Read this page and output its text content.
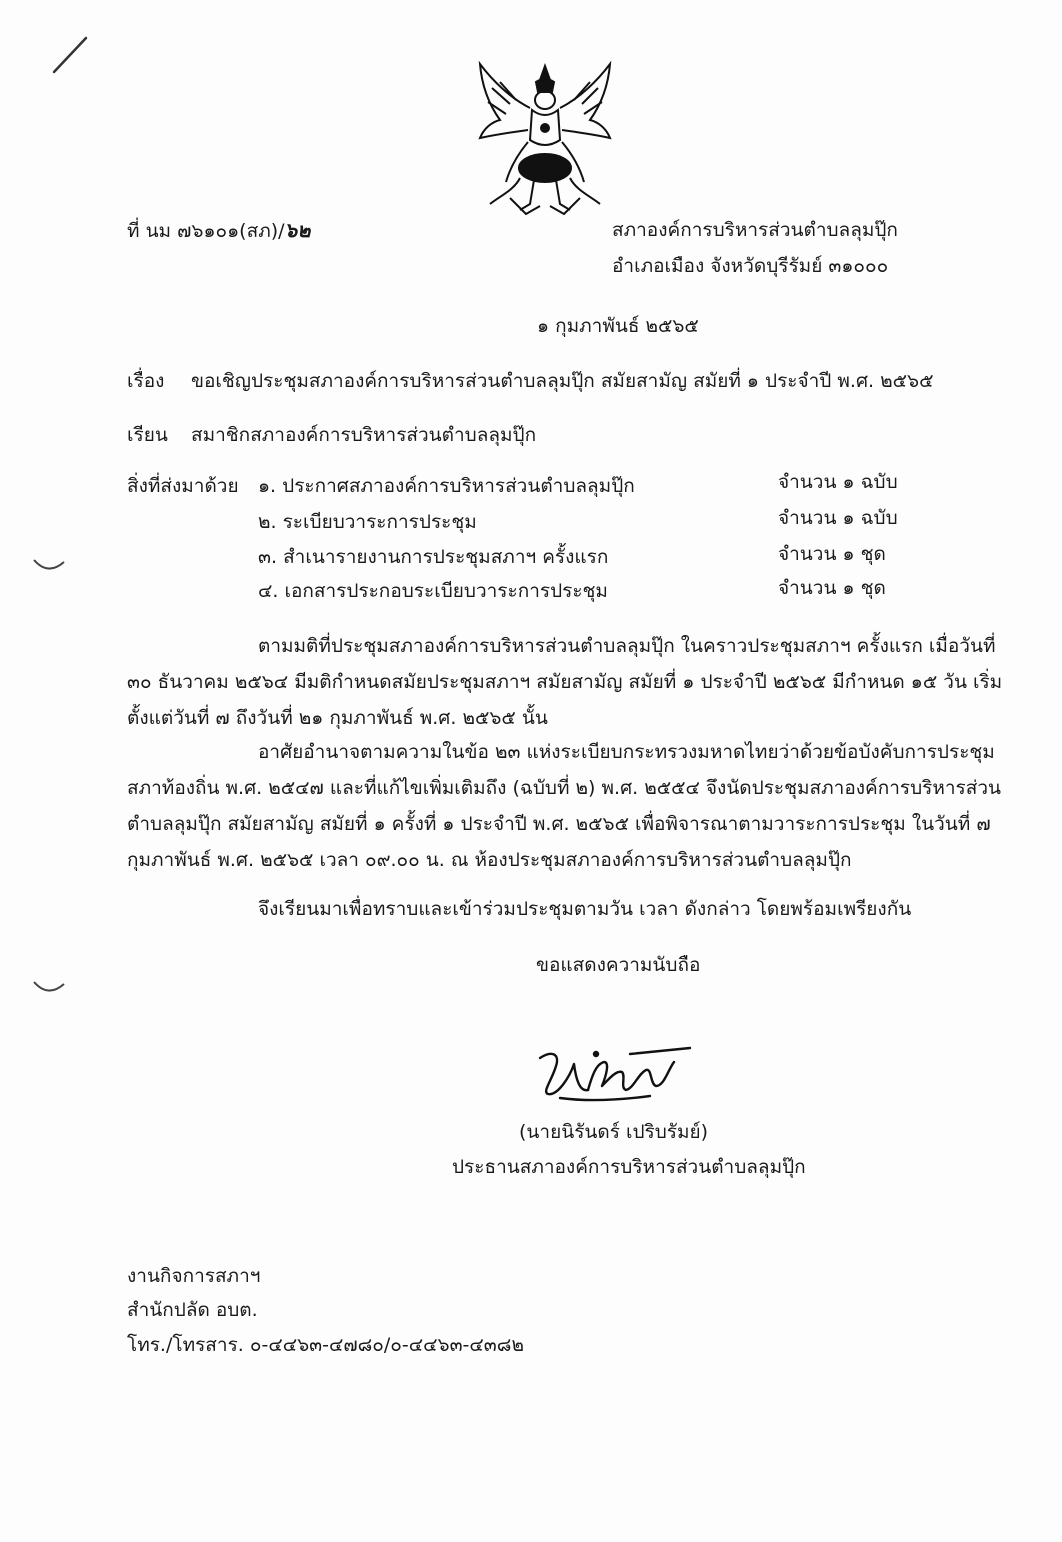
ที่ นม ๗๖๑๐๑(สภ)/๖๒	สภาองค์การบริหารส่วนตำบลลุมปุ๊ก
อำเภอเมือง จังหวัดบุรีรัมย์ ๓๑๐๐๐
๑ กุมภาพันธ์ ๒๕๖๕
เรื่อง ขอเชิญประชุมสภาองค์การบริหารส่วนตำบลลุมปุ๊ก สมัยสามัญ สมัยที่ ๑ ประจำปี พ.ศ. ๒๕๖๕
เรียน สมาชิกสภาองค์การบริหารส่วนตำบลลุมปุ๊ก
สิ่งที่ส่งมาด้วย ๑. ประกาศสภาองค์การบริหารส่วนตำบลลุมปุ๊ก	จำนวน ๑ ฉบับ
๒. ระเบียบวาระการประชุม	จำนวน ๑ ฉบับ
๓. สำเนารายงานการประชุมสภาฯ ครั้งแรก	จำนวน ๑ ชุด
๔. เอกสารประกอบระเบียบวาระการประชุม	จำนวน ๑ ชุด
ตามมติที่ประชุมสภาองค์การบริหารส่วนตำบลลุมปุ๊ก ในคราวประชุมสภาฯ ครั้งแรก เมื่อวันที่
๓๐ ธันวาคม ๒๕๖๔ มีมติกำหนดสมัยประชุมสภาฯ สมัยสามัญ สมัยที่ ๑ ประจำปี ๒๕๖๕ มีกำหนด ๑๕ วัน เริ่ม
ตั้งแต่วันที่ ๗ ถึงวันที่ ๒๑ กุมภาพันธ์ พ.ศ. ๒๕๖๕ นั้น
อาศัยอำนาจตามความในข้อ ๒๓ แห่งระเบียบกระทรวงมหาดไทยว่าด้วยข้อบังคับการประชุม
สภาท้องถิ่น พ.ศ. ๒๕๔๗ และที่แก้ไขเพิ่มเติมถึง (ฉบับที่ ๒) พ.ศ. ๒๕๕๔ จึงนัดประชุมสภาองค์การบริหารส่วน
ตำบลลุมปุ๊ก สมัยสามัญ สมัยที่ ๑ ครั้งที่ ๑ ประจำปี พ.ศ. ๒๕๖๕ เพื่อพิจารณาตามวาระการประชุม ในวันที่ ๗
กุมภาพันธ์ พ.ศ. ๒๕๖๕ เวลา ๐๙.๐๐ น. ณ ห้องประชุมสภาองค์การบริหารส่วนตำบลลุมปุ๊ก
จึงเรียนมาเพื่อทราบและเข้าร่วมประชุมตามวัน เวลา ดังกล่าว โดยพร้อมเพรียงกัน
ขอแสดงความนับถือ
(นายนิรันดร์ เปริบรัมย์)
ประธานสภาองค์การบริหารส่วนตำบลลุมปุ๊ก
งานกิจการสภาฯ
สำนักปลัด อบต.
โทร./โทรสาร. ๐-๔๔๖๓-๔๗๘๐/๐-๔๔๖๓-๔๓๘๒
